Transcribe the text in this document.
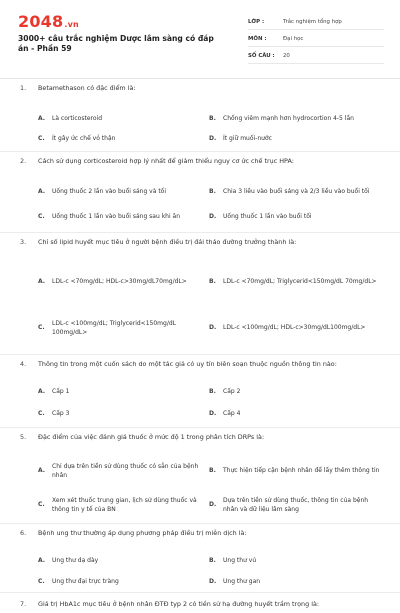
2048.vn
3000+ câu trắc nghiệm Dược lâm sàng có đáp án - Phần 59
LỚP :	Trắc nghiệm tổng hợp
MÔN :	Đại học
SỐ CÂU :	20
1.	Betamethason có đặc điểm là:
A.	Là corticosteroid	B.	Chống viêm mạnh hơn hydrocortion 4-5 lần
C.	Ít gây ức chế vỏ thận	D.	Ít giữ muối-nước
2.	Cách sử dụng corticosteroid hợp lý nhất để giảm thiểu nguy cơ ức chế trục HPA:
A.	Uống thuốc 2 lần vào buổi sáng và tối	B.	Chia 3 liều vào buổi sáng và 2/3 liều vào buổi tối
C.	Uống thuốc 1 lần vào buổi sáng sau khi ăn	D.	Uống thuốc 1 lần vào buổi tối
3.	Chỉ số lipid huyết mục tiêu ở người bệnh điều trị đái tháo đường trưởng thành là:
A.	LDL-c <70mg/dL; HDL-c>30mg/dL70mg/dL>	B.	LDL-c <70mg/dL; Triglycerid<150mg/dL 70mg/dL>
C.
LDL-c <100mg/dL; Triglycerid<150mg/dL 100mg/dL>
D.	LDL-c <100mg/dL; HDL-c>30mg/dL100mg/dL>
4.	Thông tin trong một cuốn sách do một tác giả có uy tín biên soạn thuộc nguồn thông tin nào:
A.	Cấp 1	B.	Cấp 2
C.	Cấp 3	D.	Cấp 4
5.	Đặc điểm của việc đánh giá thuốc ở mức độ 1 trong phân tích DRPs là:
A.
Chỉ dựa trên tiền sử dùng thuốc có sẵn của bệnh nhân
B.	Thực hiện tiếp cận bệnh nhân để lấy thêm thông tin
C.
Xem xét thuốc trung gian, lịch sử dùng thuốc và thông tin y tế của BN
D.
Dựa trên tiền sử dùng thuốc, thông tin của bệnh nhân và dữ liệu lâm sàng
6.	Bệnh ung thư thường áp dụng phương pháp điều trị miễn dịch là:
A.	Ung thư dạ dày	B.	Ung thư vú
C.	Ung thư đại trực tràng	D.	Ung thư gan
7.	Giá trị HbA1c mục tiêu ở bệnh nhân ĐTĐ typ 2 có tiền sử hạ đường huyết trầm trọng là:
